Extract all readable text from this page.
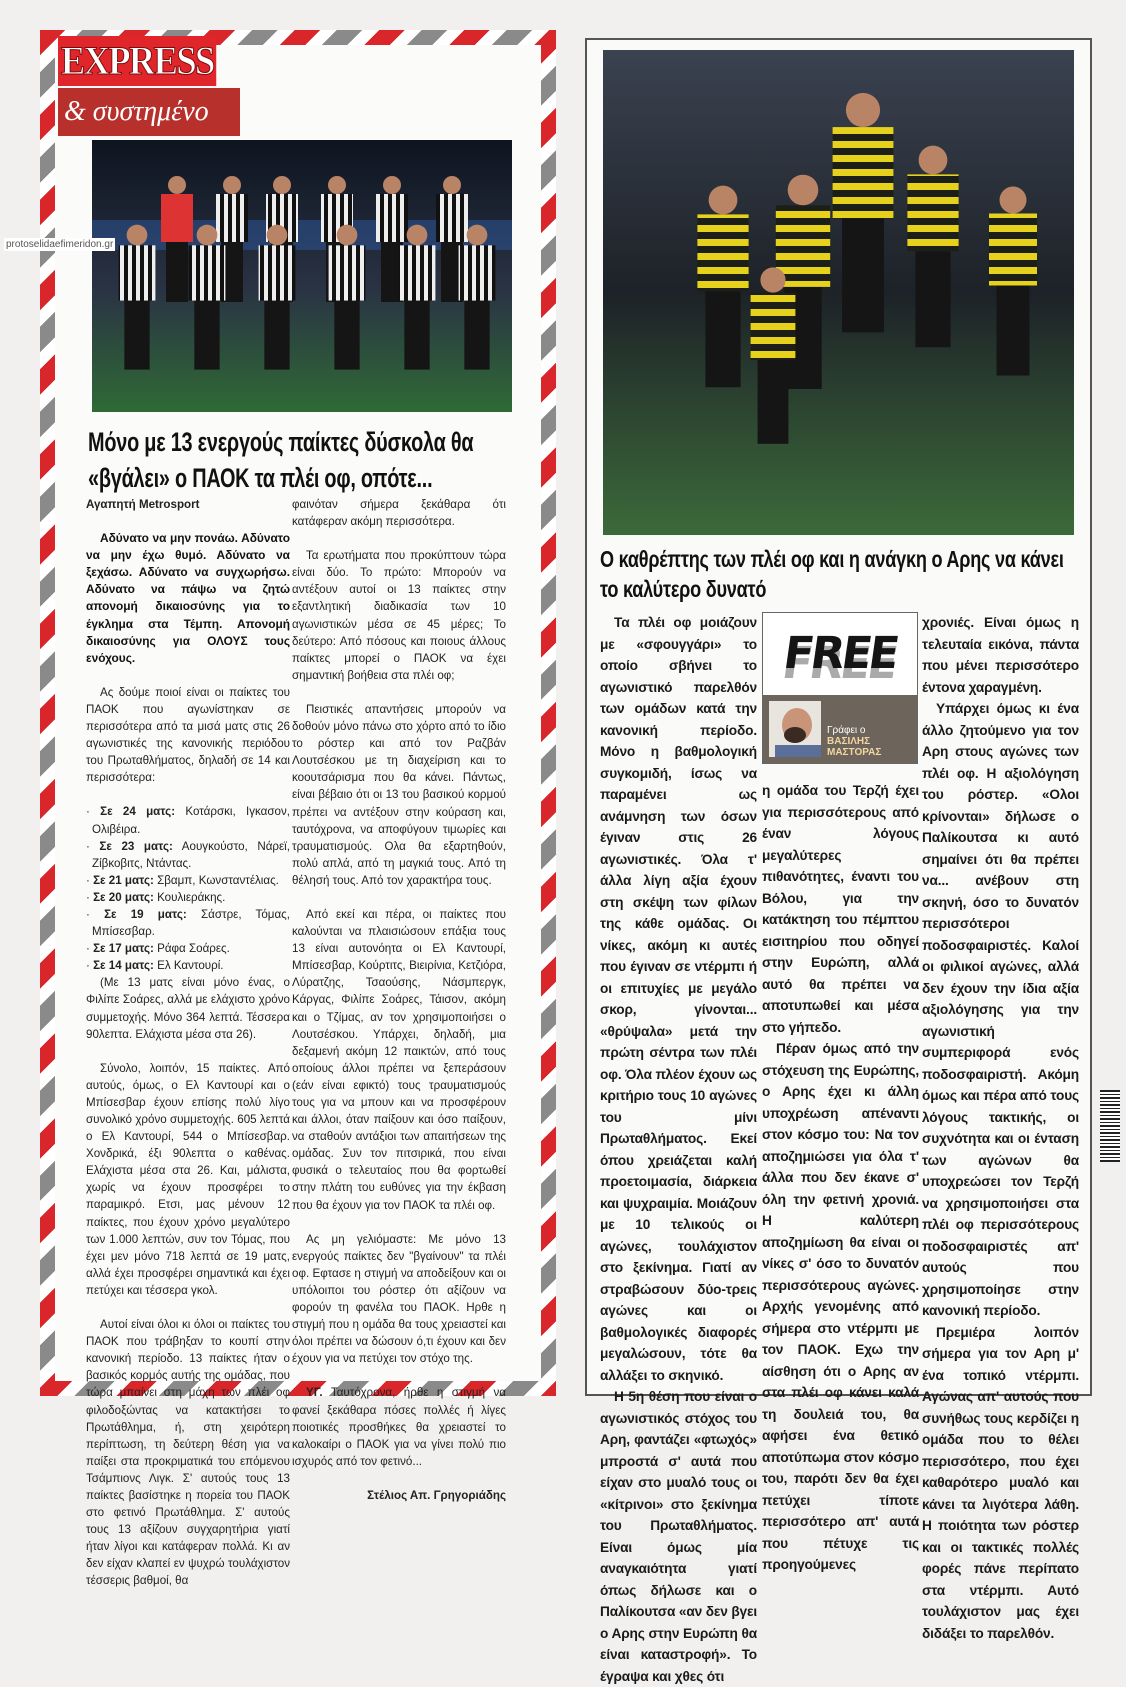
EXPRESS
& συστημένο
protoselidaefimeridon.gr
Μόνο με 13 ενεργούς παίκτες δύσκολα θα «βγάλει» ο ΠΑΟΚ τα πλέι οφ, οπότε...

Αγαπητή Metrosport

Αδύνατο να μην πονάω. Αδύνατο να μην έχω θυμό. Αδύνατο να ξεχάσω. Αδύνατο να συγχωρήσω. Αδύνατο να πάψω να ζητώ απονομή δικαιοσύνης για το έγκλημα στα Τέμπη. Απονομή δικαιοσύνης για ΟΛΟΥΣ τους ενόχους.

Ας δούμε ποιοί είναι οι παίκτες του ΠΑΟΚ που αγωνίστηκαν σε περισσότερα από τα μισά ματς στις 26 αγωνιστικές της κανονικής περιόδου του Πρωταθλήματος, δηλαδή σε 14 και περισσότερα:

· Σε 24 ματς: Κοτάρσκι, Ιγκασον, Ολιβέιρα.
· Σε 23 ματς: Αουγκούστο, Νάρεϊ, Ζίβκοβιτς, Ντάντας.
· Σε 21 ματς: Σβαμπ, Κωνσταντέλιας.
· Σε 20 ματς: Κουλιεράκης.
· Σε 19 ματς: Σάστρε, Τόμας, Μπίσεσβαρ.
· Σε 17 ματς: Ράφα Σοάρες.
· Σε 14 ματς: Ελ Καντουρί.

(Με 13 ματς είναι μόνο ένας, ο Φιλίπε Σοάρες, αλλά με ελάχιστο χρόνο συμμετοχής. Μόνο 364 λεπτά. Τέσσερα 90λεπτα. Ελάχιστα μέσα στα 26).

Σύνολο, λοιπόν, 15 παίκτες. Από αυτούς, όμως, ο Ελ Καντουρί και ο Μπίσεσβαρ έχουν επίσης πολύ λίγο συνολικό χρόνο συμμετοχής. 605 λεπτά ο Ελ Καντουρί, 544 ο Μπίσεσβαρ. Χονδρικά, έξι 90λεπτα ο καθένας. Ελάχιστα μέσα στα 26. Και, μάλιστα, χωρίς να έχουν προσφέρει το παραμικρό. Ετσι, μας μένουν 12 παίκτες, που έχουν χρόνο μεγαλύτερο των 1.000 λεπτών, συν τον Τόμας, που έχει μεν μόνο 718 λεπτά σε 19 ματς, αλλά έχει προσφέρει σημαντικά και έχει πετύχει και τέσσερα γκολ.

Αυτοί είναι όλοι κι όλοι οι παίκτες του ΠΑΟΚ που τράβηξαν το κουπί στην κανονική περίοδο. 13 παίκτες ήταν ο βασικός κορμός αυτής της ομάδας, που τώρα μπαίνει στη μάχη των πλέι οφ φιλοδοξώντας να κατακτήσει το Πρωτάθλημα, ή, στη χειρότερη περίπτωση, τη δεύτερη θέση για να παίξει στα προκριματικά του επόμενου Τσάμπιονς Λιγκ. Σ' αυτούς τους 13 παίκτες βασίστηκε η πορεία του ΠΑΟΚ στο φετινό Πρωτάθλημα. Σ' αυτούς τους 13 αξίζουν συγχαρητήρια γιατί ήταν λίγοι και κατάφεραν πολλά. Κι αν δεν είχαν κλαπεί εν ψυχρώ τουλάχιστον τέσσερις βαθμοί, θα

φαινόταν σήμερα ξεκάθαρα ότι κατάφεραν ακόμη περισσότερα.

Τα ερωτήματα που προκύπτουν τώρα είναι δύο. Το πρώτο: Μπορούν να αντέξουν αυτοί οι 13 παίκτες στην εξαντλητική διαδικασία των 10 αγωνιστικών μέσα σε 45 μέρες; Το δεύτερο: Από πόσους και ποιους άλλους παίκτες μπορεί ο ΠΑΟΚ να έχει σημαντική βοήθεια στα πλέι οφ;

Πειστικές απαντήσεις μπορούν να δοθούν μόνο πάνω στο χόρτο από το ίδιο το ρόστερ και από τον Ραζβάν Λουτσέσκου με τη διαχείριση και το κοουτσάρισμα που θα κάνει. Πάντως, είναι βέβαιο ότι οι 13 του βασικού κορμού πρέπει να αντέξουν στην κούραση και, ταυτόχρονα, να αποφύγουν τιμωρίες και τραυματισμούς. Ολα θα εξαρτηθούν, πολύ απλά, από τη μαγκιά τους. Από τη θέλησή τους. Από τον χαρακτήρα τους.

Από εκεί και πέρα, οι παίκτες που καλούνται να πλαισιώσουν επάξια τους 13 είναι αυτονόητα οι Ελ Καντουρί, Μπίσεσβαρ, Κούρτιτς, Βιειρίνια, Κετζιόρα, Λύρατζης, Τσαούσης, Νάσμπεργκ, Κάργας, Φιλίπε Σοάρες, Τάισον, ακόμη και ο Τζίμας, αν τον χρησιμοποιήσει ο Λουτσέσκου. Υπάρχει, δηλαδή, μια δεξαμενή ακόμη 12 παικτών, από τους οποίους άλλοι πρέπει να ξεπεράσουν (εάν είναι εφικτό) τους τραυματισμούς τους για να μπουν και να προσφέρουν και άλλοι, όταν παίξουν και όσο παίξουν, να σταθούν αντάξιοι των απαιτήσεων της ομάδας. Συν τον πιτσιρικά, που είναι φυσικά ο τελευταίος που θα φορτωθεί στην πλάτη του ευθύνες για την έκβαση που θα έχουν για τον ΠΑΟΚ τα πλέι οφ.

Ας μη γελιόμαστε: Με μόνο 13 ενεργούς παίκτες δεν "βγαίνουν" τα πλέι οφ. Εφτασε η στιγμή να αποδείξουν και οι υπόλοιποι του ρόστερ ότι αξίζουν να φορούν τη φανέλα του ΠΑΟΚ. Ηρθε η στιγμή που η ομάδα θα τους χρειαστεί και όλοι πρέπει να δώσουν ό,τι έχουν και δεν έχουν για να πετύχει τον στόχο της.

ΥΓ. Ταυτόχρονα, ήρθε η στιγμή να φανεί ξεκάθαρα πόσες πολλές ή λίγες ποιοτικές προσθήκες θα χρειαστεί το καλοκαίρι ο ΠΑΟΚ για να γίνει πολύ πιο ισχυρός από τον φετινό...

Στέλιος Απ. Γρηγοριάδης

Ο καθρέπτης των πλέι οφ και η ανάγκη ο Αρης να κάνει το καλύτερο δυνατό

Τα πλέι οφ μοιάζουν με «σφουγγάρι» το οποίο σβήνει το αγωνιστικό παρελθόν των ομάδων κατά την κανονική περίοδο. Μόνο η βαθμολογική συγκομιδή, ίσως να παραμένει ως ανάμνηση των όσων έγιναν στις 26 αγωνιστικές. Όλα τ' άλλα λίγη αξία έχουν στη σκέψη των φίλων της κάθε ομάδας. Οι νίκες, ακόμη κι αυτές που έγιναν σε ντέρμπι ή οι επιτυχίες με μεγάλο σκορ, γίνονται... «θρύψαλα» μετά την πρώτη σέντρα των πλέι οφ. Όλα πλέον έχουν ως κριτήριο τους 10 αγώνες του μίνι Πρωταθλήματος. Εκεί όπου χρειάζεται καλή προετοιμασία, διάρκεια και ψυχραιμία. Μοιάζουν με 10 τελικούς οι αγώνες, τουλάχιστον στο ξεκίνημα. Γιατί αν στραβώσουν δύο-τρεις αγώνες και οι βαθμολογικές διαφορές μεγαλώσουν, τότε θα αλλάξει το σκηνικό.

Η 5η θέση που είναι ο αγωνιστικός στόχος του Αρη, φαντάζει «φτωχός» μπροστά σ' αυτά που είχαν στο μυαλό τους οι «κίτρινοι» στο ξεκίνημα του Πρωταθλήματος. Είναι όμως μία αναγκαιότητα γιατί όπως δήλωσε και ο Παλίκουτσα «αν δεν βγει ο Αρης στην Ευρώπη θα είναι καταστροφή». Το έγραψα και χθες ότι

FREE
Γράφει ο
ΒΑΣΙΛΗΣ
ΜΑΣΤΟΡΑΣ

η ομάδα του Τερζή έχει για περισσότερους από έναν λόγους μεγαλύτερες πιθανότητες, έναντι του Βόλου, για την κατάκτηση του πέμπτου εισιτηρίου που οδηγεί στην Ευρώπη, αλλά αυτό θα πρέπει να αποτυπωθεί και μέσα στο γήπεδο.

Πέραν όμως από την στόχευση της Ευρώπης, ο Αρης έχει κι άλλη υποχρέωση απέναντι στον κόσμο του: Να τον αποζημιώσει για όλα τ' άλλα που δεν έκανε σ' όλη την φετινή χρονιά. Η καλύτερη αποζημίωση θα είναι οι νίκες σ' όσο το δυνατόν περισσότερους αγώνες. Αρχής γενομένης από σήμερα στο ντέρμπι με τον ΠΑΟΚ. Εχω την αίσθηση ότι ο Αρης αν στα πλέι οφ κάνει καλά τη δουλειά του, θα αφήσει ένα θετικό αποτύπωμα στον κόσμο του, παρότι δεν θα έχει πετύχει τίποτε περισσότερο απ' αυτά που πέτυχε τις προηγούμενες

χρονιές. Είναι όμως η τελευταία εικόνα, πάντα που μένει περισσότερο έντονα χαραγμένη.

Υπάρχει όμως κι ένα άλλο ζητούμενο για τον Αρη στους αγώνες των πλέι οφ. Η αξιολόγηση του ρόστερ. «Ολοι κρίνονται» δήλωσε ο Παλίκουτσα κι αυτό σημαίνει ότι θα πρέπει να... ανέβουν στη σκηνή, όσο το δυνατόν περισσότεροι ποδοσφαιριστές. Καλοί οι φιλικοί αγώνες, αλλά δεν έχουν την ίδια αξία αξιολόγησης για την αγωνιστική συμπεριφορά ενός ποδοσφαιριστή. Ακόμη όμως και πέρα από τους λόγους τακτικής, οι συχνότητα και οι ένταση των αγώνων θα υποχρεώσει τον Τερζή να χρησιμοποιήσει στα πλέι οφ περισσότερους ποδοσφαιριστές απ' αυτούς που χρησιμοποίησε στην κανονική περίοδο.

Πρεμιέρα λοιπόν σήμερα για τον Αρη μ' ένα τοπικό ντέρμπι. Αγώνας απ' αυτούς που συνήθως τους κερδίζει η ομάδα που το θέλει περισσότερο, που έχει καθαρότερο μυαλό και κάνει τα λιγότερα λάθη. Η ποιότητα των ρόστερ και οι τακτικές πολλές φορές πάνε περίπατο στα ντέρμπι. Αυτό τουλάχιστον μας έχει διδάξει το παρελθόν.
